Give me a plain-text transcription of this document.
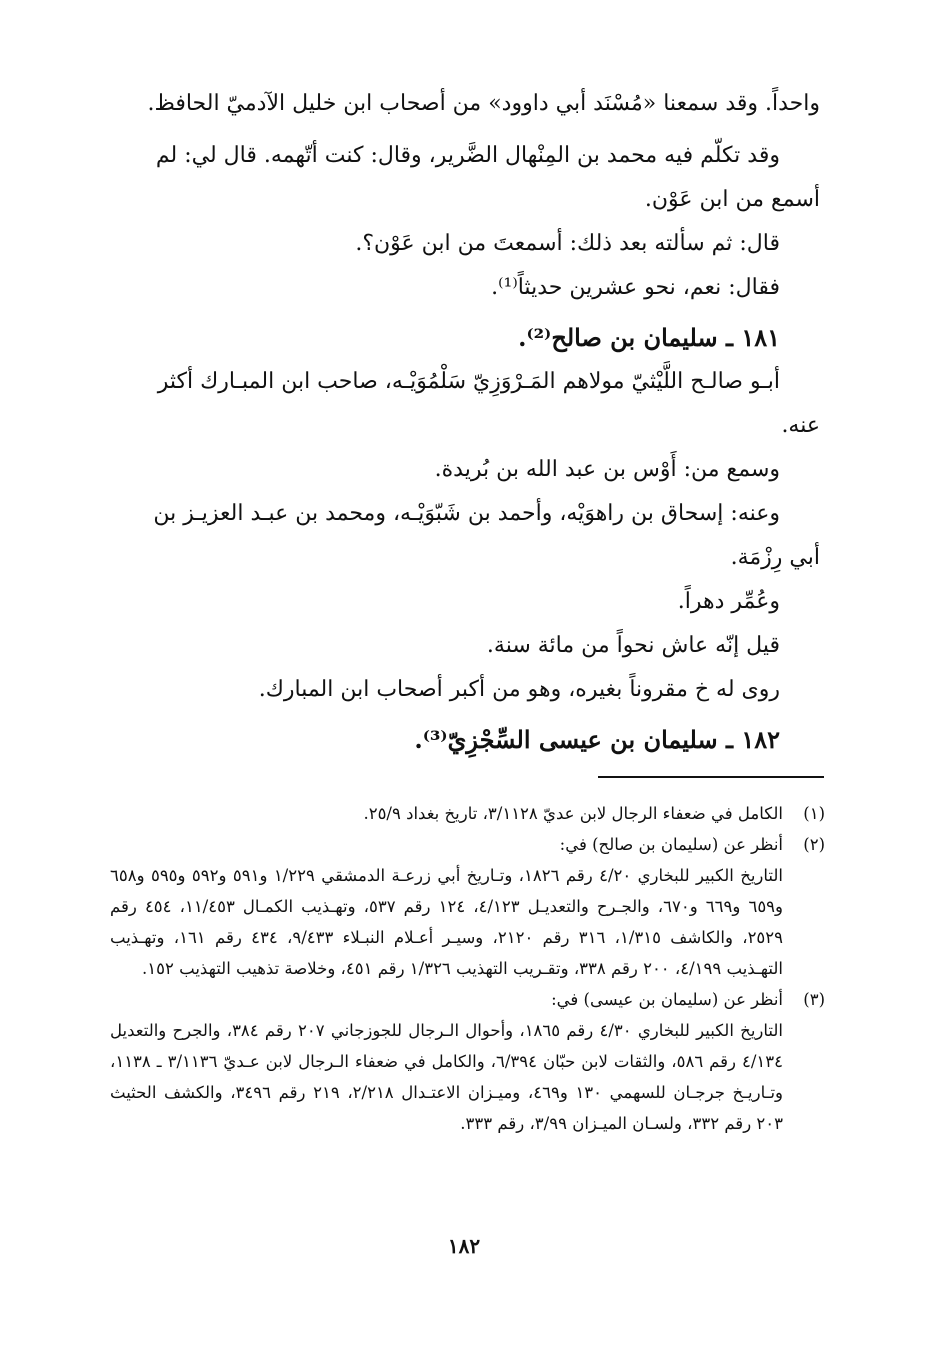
واحداً. وقد سمعنا «مُسْنَد أبي داوود» من أصحاب ابن خليل الآدميّ الحافظ.

وقد تكلّم فيه محمد بن المِنْهال الضَّرير، وقال: كنت أتّهمه. قال لي: لم

أسمع من ابن عَوْن.

قال: ثم سألته بعد ذلك: أسمعتَ من ابن عَوْن؟.

فقال: نعم، نحو عشرين حديثاً⁽¹⁾.

١٨١ ـ سليمان بن صالح⁽²⁾.

أبـو صالـح اللَّيْثيّ مولاهم المَـرْوَزِيّ سَلْمُوَيْـه، صاحب ابن المبـارك أكثر

عنه.

وسمع من: أَوْس بن عبد الله بن بُريدة.

وعنه: إسحاق بن راهوَيْه، وأحمد بن شَبّوَيْـه، ومحمد بن عبـد العزيـز بن

أبي رِزْمَة.

وعُمِّر دهراً.

قيل إنّه عاش نحواً من مائة سنة.

روى له خ مقروناً بغيره، وهو من أكبر أصحاب ابن المبارك.

١٨٢ ـ سليمان بن عيسى السِّجْزِيّ⁽³⁾.

(١)
الكامل في ضعفاء الرجال لابن عديّ ٣/١١٢٨، تاريخ بغداد ٢٥/٩.
(٢)
أنظر عن (سليمان بن صالح) في:
التاريخ الكبير للبخاري ٤/٢٠ رقم ١٨٢٦، وتـاريخ أبي زرعـة الدمشقي ١/٢٢٩ و٥٩١ و٥٩٢ و٥٩٥ و٦٥٨ و٦٥٩ و٦٦٩ و٦٧٠، والجـرح والتعديـل ٤/١٢٣، ١٢٤ رقم ٥٣٧، وتهـذيب الكمـال ١١/٤٥٣، ٤٥٤ رقم ٢٥٢٩، والكاشف ١/٣١٥، ٣١٦ رقم ٢١٢٠، وسيـر أعـلام النبـلاء ٩/٤٣٣، ٤٣٤ رقم ١٦١، وتهـذيب التهـذيب ٤/١٩٩، ٢٠٠ رقم ٣٣٨، وتقـريب التهذيب ١/٣٢٦ رقم ٤٥١، وخلاصة تذهيب التهذيب ١٥٢.
(٣)
أنظر عن (سليمان بن عيسى) في:
التاريخ الكبير للبخاري ٤/٣٠ رقم ١٨٦٥، وأحوال الـرجال للجوزجاني ٢٠٧ رقم ٣٨٤، والجرح والتعديل ٤/١٣٤ رقم ٥٨٦، والثقات لابن حبّان ٦/٣٩٤، والكامل في ضعفاء الـرجال لابن عـديّ ٣/١١٣٦ ـ ١١٣٨، وتـاريـخ جرجـان للسهمي ١٣٠ و٤٦٩، وميـزان الاعتـدال ٢/٢١٨، ٢١٩ رقم ٣٤٩٦، والكشف الحثيث ٢٠٣ رقم ٣٣٢، ولسـان الميـزان ٣/٩٩، رقم ٣٣٣.
١٨٢
